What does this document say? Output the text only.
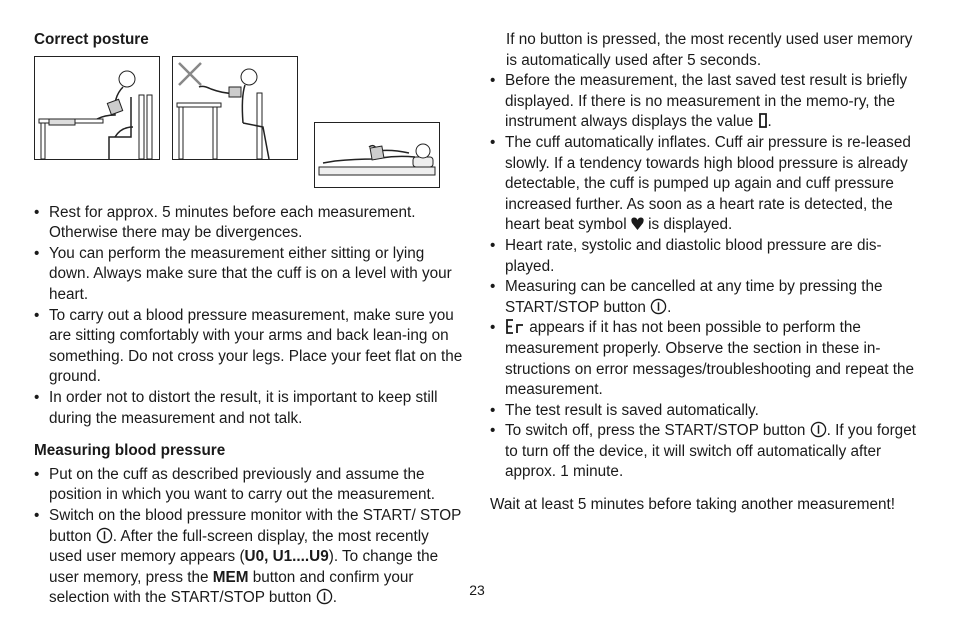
Correct posture
• Rest for approx. 5 minutes before each measurement. Otherwise there may be divergences.
• You can perform the measurement either sitting or lying down. Always make sure that the cuff is on a level with your heart.
• To carry out a blood pressure measurement, make sure you are sitting comfortably with your arms and back lean-ing on something. Do not cross your legs. Place your feet flat on the ground.
• In order not to distort the result, it is important to keep still during the measurement and not talk.
Measuring blood pressure
• Put on the cuff as described previously and assume the position in which you want to carry out the measurement.
• Switch on the blood pressure monitor with the START/ STOP button . After the full-screen display, the most recently used user memory appears (U0, U1....U9). To change the user memory, press the MEM button and confirm your selection with the START/STOP button .
If no button is pressed, the most recently used user memory is automatically used after 5 seconds.
• Before the measurement, the last saved test result is briefly displayed. If there is no measurement in the memo-ry, the instrument always displays the value .
• The cuff automatically inflates. Cuff air pressure is re-leased slowly. If a tendency towards high blood pressure is already detectable, the cuff is pumped up again and cuff pressure increased further. As soon as a heart rate is detected, the heart beat symbol  is displayed.
• Heart rate, systolic and diastolic blood pressure are dis-played.
• Measuring can be cancelled at any time by pressing the START/STOP button .
• appears if it has not been possible to perform the measurement properly. Observe the section in these in-structions on error messages/troubleshooting and repeat the measurement.
• The test result is saved automatically.
• To switch off, press the START/STOP button . If you forget to turn off the device, it will switch off automatically after approx. 1 minute.
Wait at least 5 minutes before taking another measurement!
23
